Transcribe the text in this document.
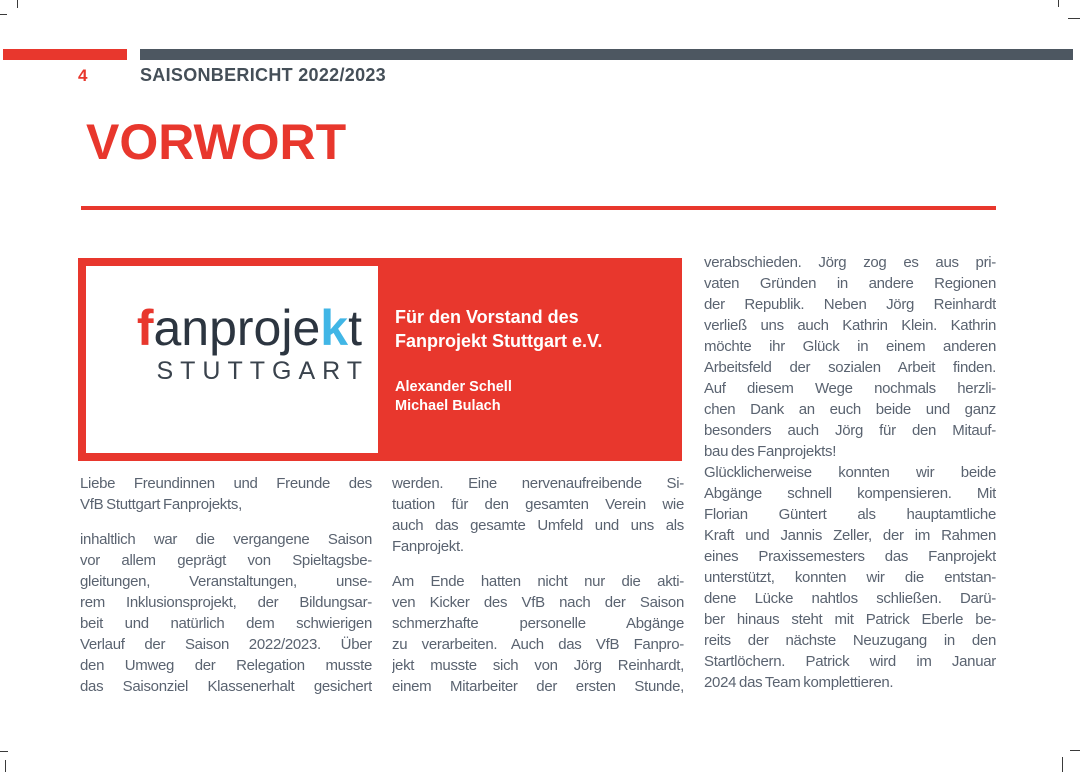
4	SAISONBERICHT 2022/2023
VORWORT
fanprojekt
STUTTGART
Für den Vorstand des
Fanprojekt Stuttgart e.V.
Alexander Schell
Michael Bulach
Liebe Freundinnen und Freunde des
VfB Stuttgart Fanprojekts,
inhaltlich war die vergangene Saison
vor allem geprägt von Spieltagsbe-
gleitungen, Veranstaltungen, unse-
rem Inklusionsprojekt, der Bildungsar-
beit und natürlich dem schwierigen
Verlauf der Saison 2022/2023. Über
den Umweg der Relegation musste
das Saisonziel Klassenerhalt gesichert
werden. Eine nervenaufreibende Si-
tuation für den gesamten Verein wie
auch das gesamte Umfeld und uns als
Fanprojekt.
Am Ende hatten nicht nur die akti-
ven Kicker des VfB nach der Saison
schmerzhafte personelle Abgänge
zu verarbeiten. Auch das VfB Fanpro-
jekt musste sich von Jörg Reinhardt,
einem Mitarbeiter der ersten Stunde,
verabschieden. Jörg zog es aus pri-
vaten Gründen in andere Regionen
der Republik. Neben Jörg Reinhardt
verließ uns auch Kathrin Klein. Kathrin
möchte ihr Glück in einem anderen
Arbeitsfeld der sozialen Arbeit finden.
Auf diesem Wege nochmals herzli-
chen Dank an euch beide und ganz
besonders auch Jörg für den Mitauf-
bau des Fanprojekts!
Glücklicherweise konnten wir beide
Abgänge schnell kompensieren. Mit
Florian Güntert als hauptamtliche
Kraft und Jannis Zeller, der im Rahmen
eines Praxissemesters das Fanprojekt
unterstützt, konnten wir die entstan-
dene Lücke nahtlos schließen. Darü-
ber hinaus steht mit Patrick Eberle be-
reits der nächste Neuzugang in den
Startlöchern. Patrick wird im Januar
2024 das Team komplettieren.
